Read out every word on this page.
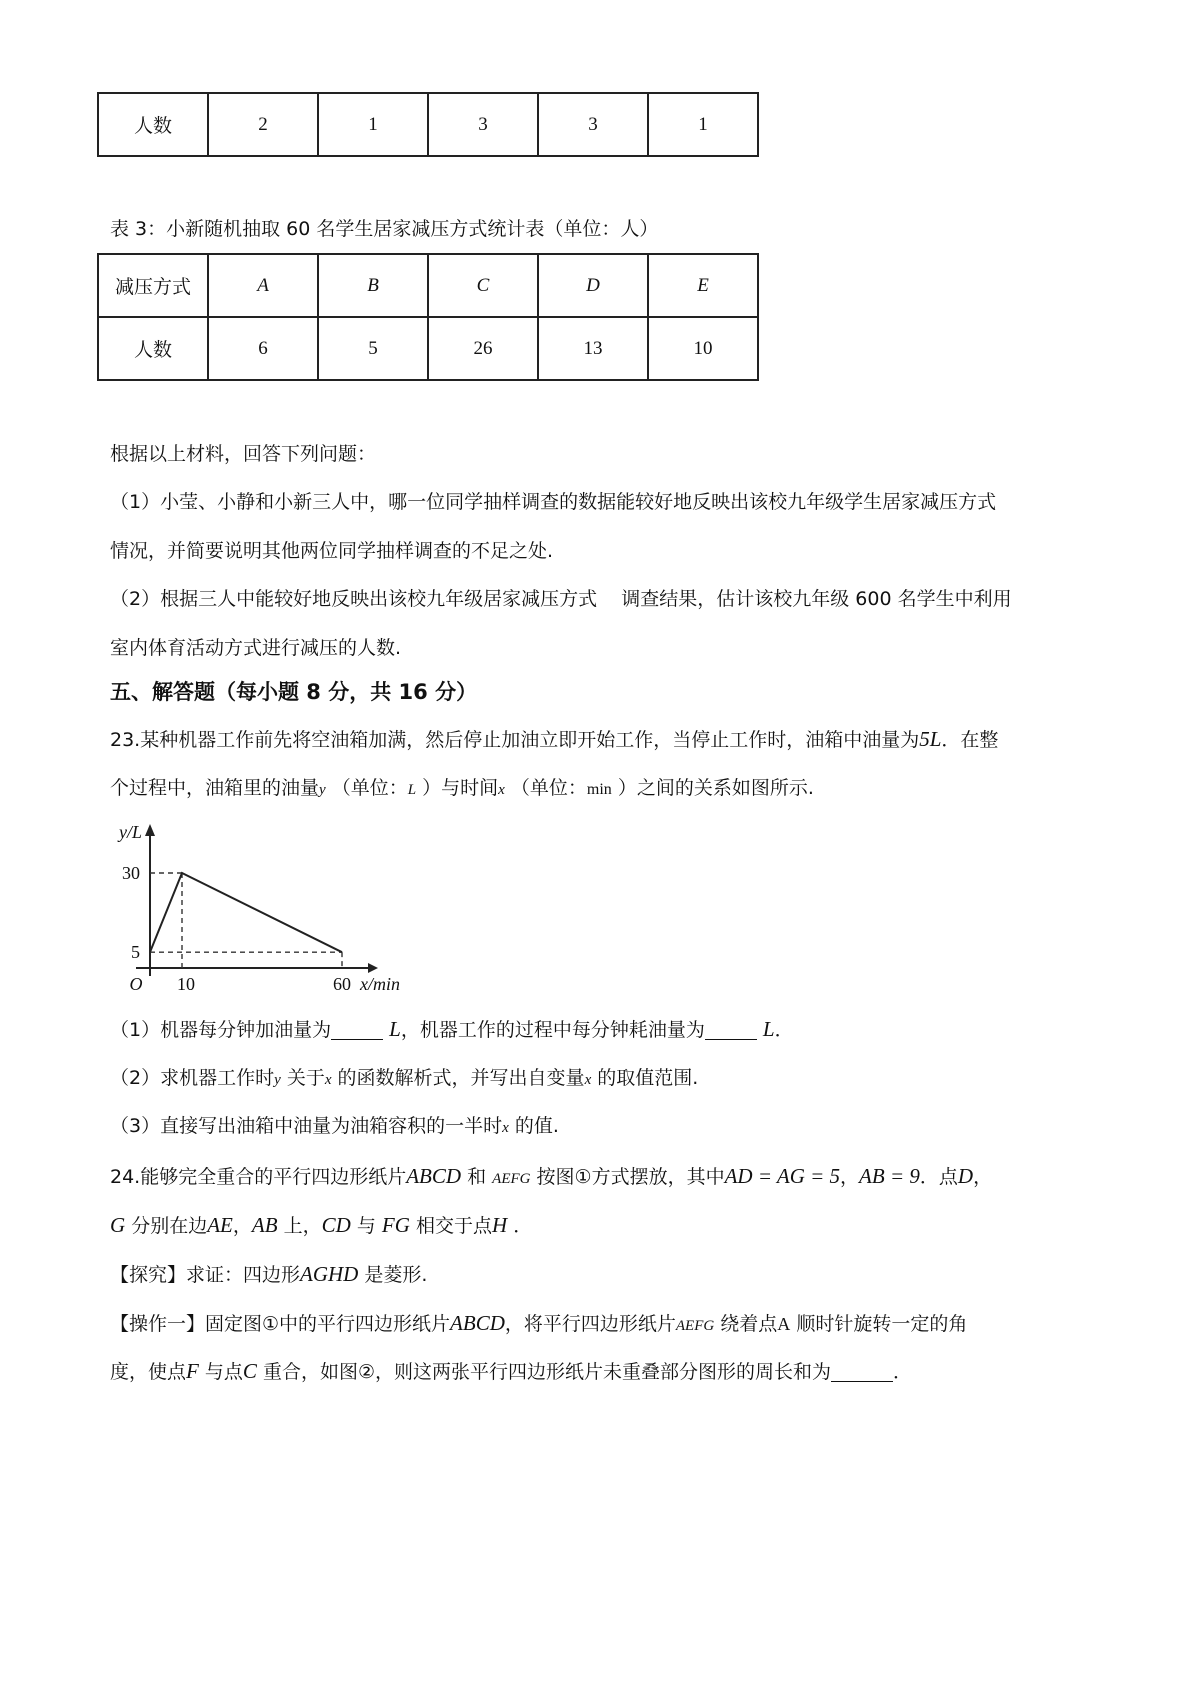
人数	2	1	3	3	1
表 3：小新随机抽取 60 名学生居家减压方式统计表（单位：人）
减压方式	A	B	C	D	E
人数	6	5	26	13	10
根据以上材料，回答下列问题：
（1）小莹、小静和小新三人中，哪一位同学抽样调查的数据能较好地反映出该校九年级学生居家减压方式
情况，并简要说明其他两位同学抽样调查的不足之处.
（2）根据三人中能较好地反映出该校九年级居家减压方式    调查结果，估计该校九年级 600 名学生中利用
室内体育活动方式进行减压的人数.
五、解答题（每小题 8 分，共 16 分）
23.某种机器工作前先将空油箱加满，然后停止加油立即开始工作，当停止工作时，油箱中油量为5L．在整
个过程中，油箱里的油量y （单位：L ）与时间x （单位：min ）之间的关系如图所示.
30
5
10	60
O	x/min
y/L
（1）机器每分钟加油量为	L，机器工作的过程中每分钟耗油量为	L．
（2）求机器工作时y 关于x 的函数解析式，并写出自变量x 的取值范围.
（3）直接写出油箱中油量为油箱容积的一半时x 的值.
24.能够完全重合的平行四边形纸片ABCD 和 AEFG 按图①方式摆放，其中AD = AG = 5，AB = 9．点D，
G 分别在边AE，AB 上，CD 与 FG 相交于点H ．
【探究】求证：四边形AGHD 是菱形.
【操作一】固定图①中的平行四边形纸片ABCD，将平行四边形纸片AEFG 绕着点A 顺时针旋转一定的角
度，使点F 与点C 重合，如图②，则这两张平行四边形纸片未重叠部分图形的周长和为	．
